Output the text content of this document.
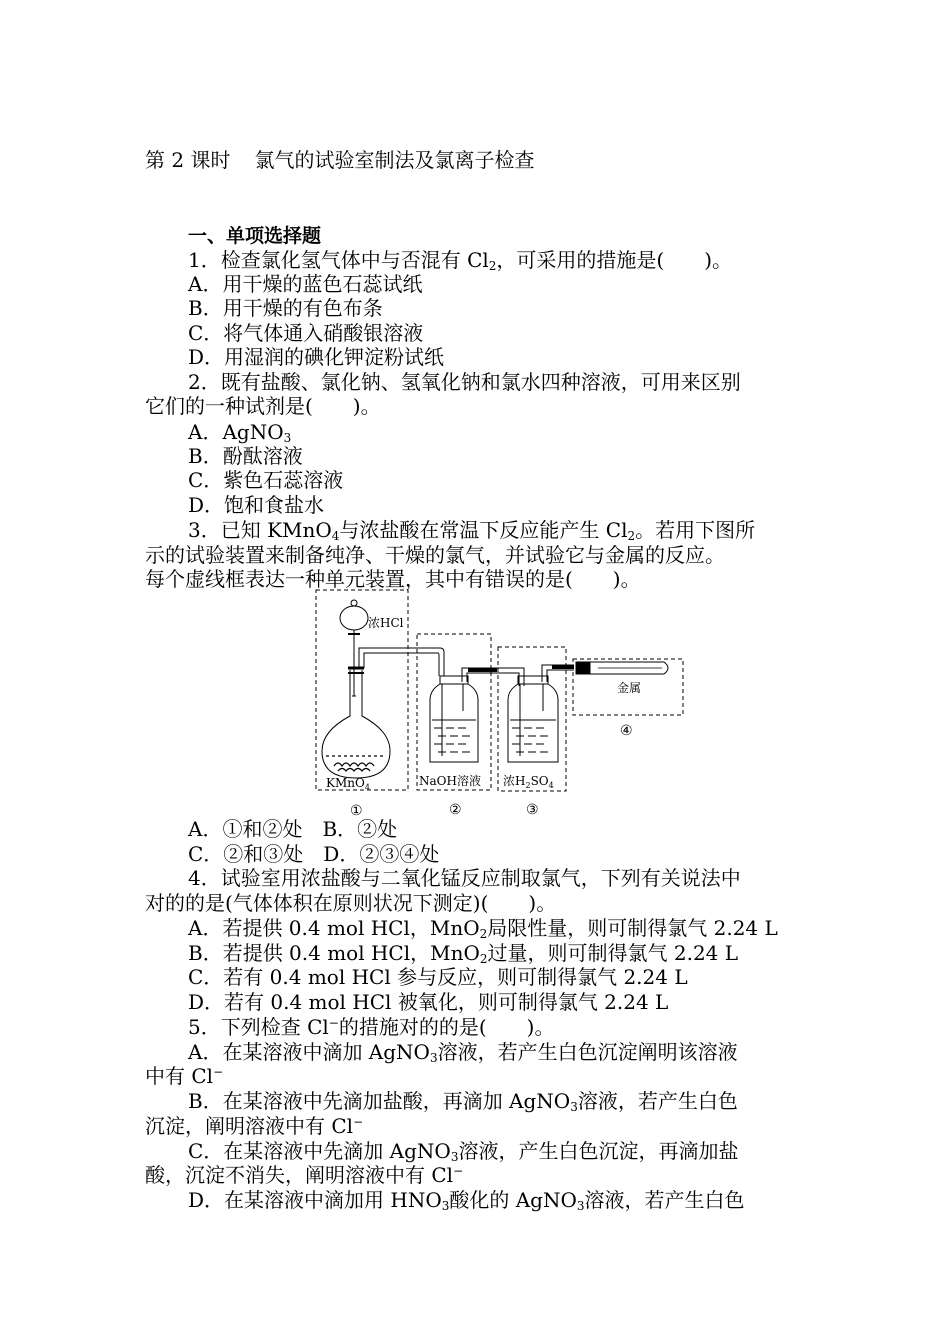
第 2 课时 氯气的试验室制法及氯离子检查
一、单项选择题
1．检查氯化氢气体中与否混有 $Cl_2$，可采用的措施是(　　)。
A．用干燥的蓝色石蕊试纸
B．用干燥的有色布条
C．将气体通入硝酸银溶液
D．用湿润的碘化钾淀粉试纸
2．既有盐酸、氯化钠、氢氧化钠和氯水四种溶液，可用来区别
它们的一种试剂是(　　)。
A．AgNO$_3$
B．酚酞溶液
C．紫色石蕊溶液
D．饱和食盐水
3．已知 KMnO$_4$与浓盐酸在常温下反应能产生 $Cl_2$。若用下图所
示的试验装置来制备纯净、干燥的氯气，并试验它与金属的反应。
每个虚线框表达一种单元装置，其中有错误的是(　　)。
浓HCl
KMnO$_4$	NaOH溶液 浓$H_2SO_4$
金属
①	②	③
④
A．①和②处　B．②处
C．②和③处　D．②③④处
4．试验室用浓盐酸与二氧化锰反应制取氯气，下列有关说法中
对的的是(气体体积在原则状况下测定)(　　)。
A．若提供 0.4 mol HCl，MnO$_2$局限性量，则可制得氯气 2.24 L
B．若提供 0.4 mol HCl，MnO$_2$过量，则可制得氯气 2.24 L
C．若有 0.4 mol HCl 参与反应，则可制得氯气 2.24 L
D．若有 0.4 mol HCl 被氧化，则可制得氯气 2.24 L
5．下列检查 Cl−的措施对的的是(　　)。
A．在某溶液中滴加 AgNO$_3$溶液，若产生白色沉淀阐明该溶液
中有 Cl−
B．在某溶液中先滴加盐酸，再滴加 AgNO$_3$溶液，若产生白色
沉淀，阐明溶液中有 Cl−
C．在某溶液中先滴加 AgNO$_3$溶液，产生白色沉淀，再滴加盐
酸，沉淀不消失，阐明溶液中有 Cl−
D．在某溶液中滴加用 $HNO_3$酸化的 AgNO$_3$溶液，若产生白色
